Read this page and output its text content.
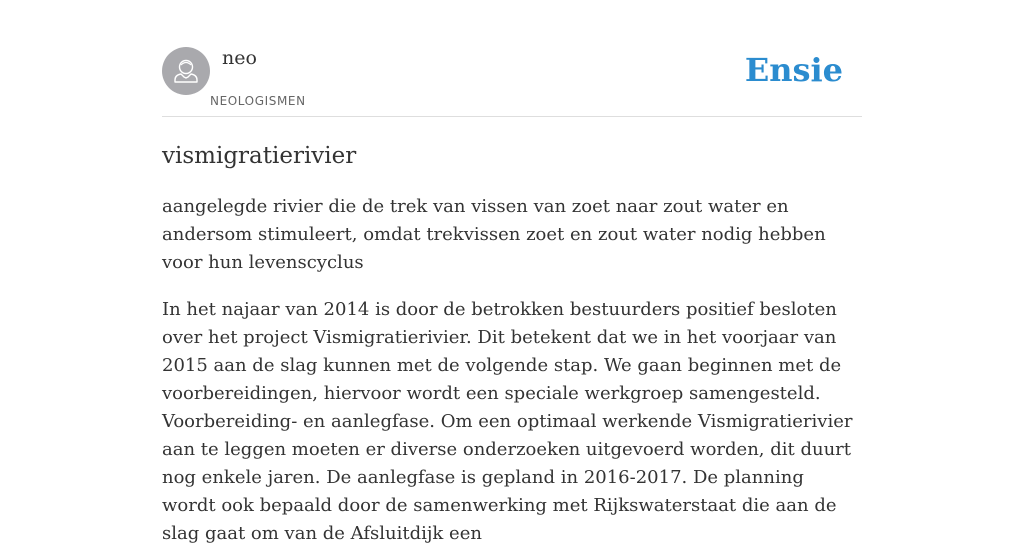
neo
NEOLOGISMEN
Ensie
vismigratierivier

aangelegde rivier die de trek van vissen van zoet naar zout water en andersom stimuleert, omdat trekvissen zoet en zout water nodig hebben voor hun levenscyclus

In het najaar van 2014 is door de betrokken bestuurders positief besloten over het project Vismigratierivier. Dit betekent dat we in het voorjaar van 2015 aan de slag kunnen met de volgende stap. We gaan beginnen met de voorbereidingen, hiervoor wordt een speciale werkgroep samengesteld. Voorbereiding- en aanlegfase. Om een optimaal werkende Vismigratierivier aan te leggen moeten er diverse onderzoeken uitgevoerd worden, dit duurt nog enkele jaren. De aanlegfase is gepland in 2016-2017. De planning wordt ook bepaald door de samenwerking met Rijkswaterstaat die aan de slag gaat om van de Afsluitdijk een
